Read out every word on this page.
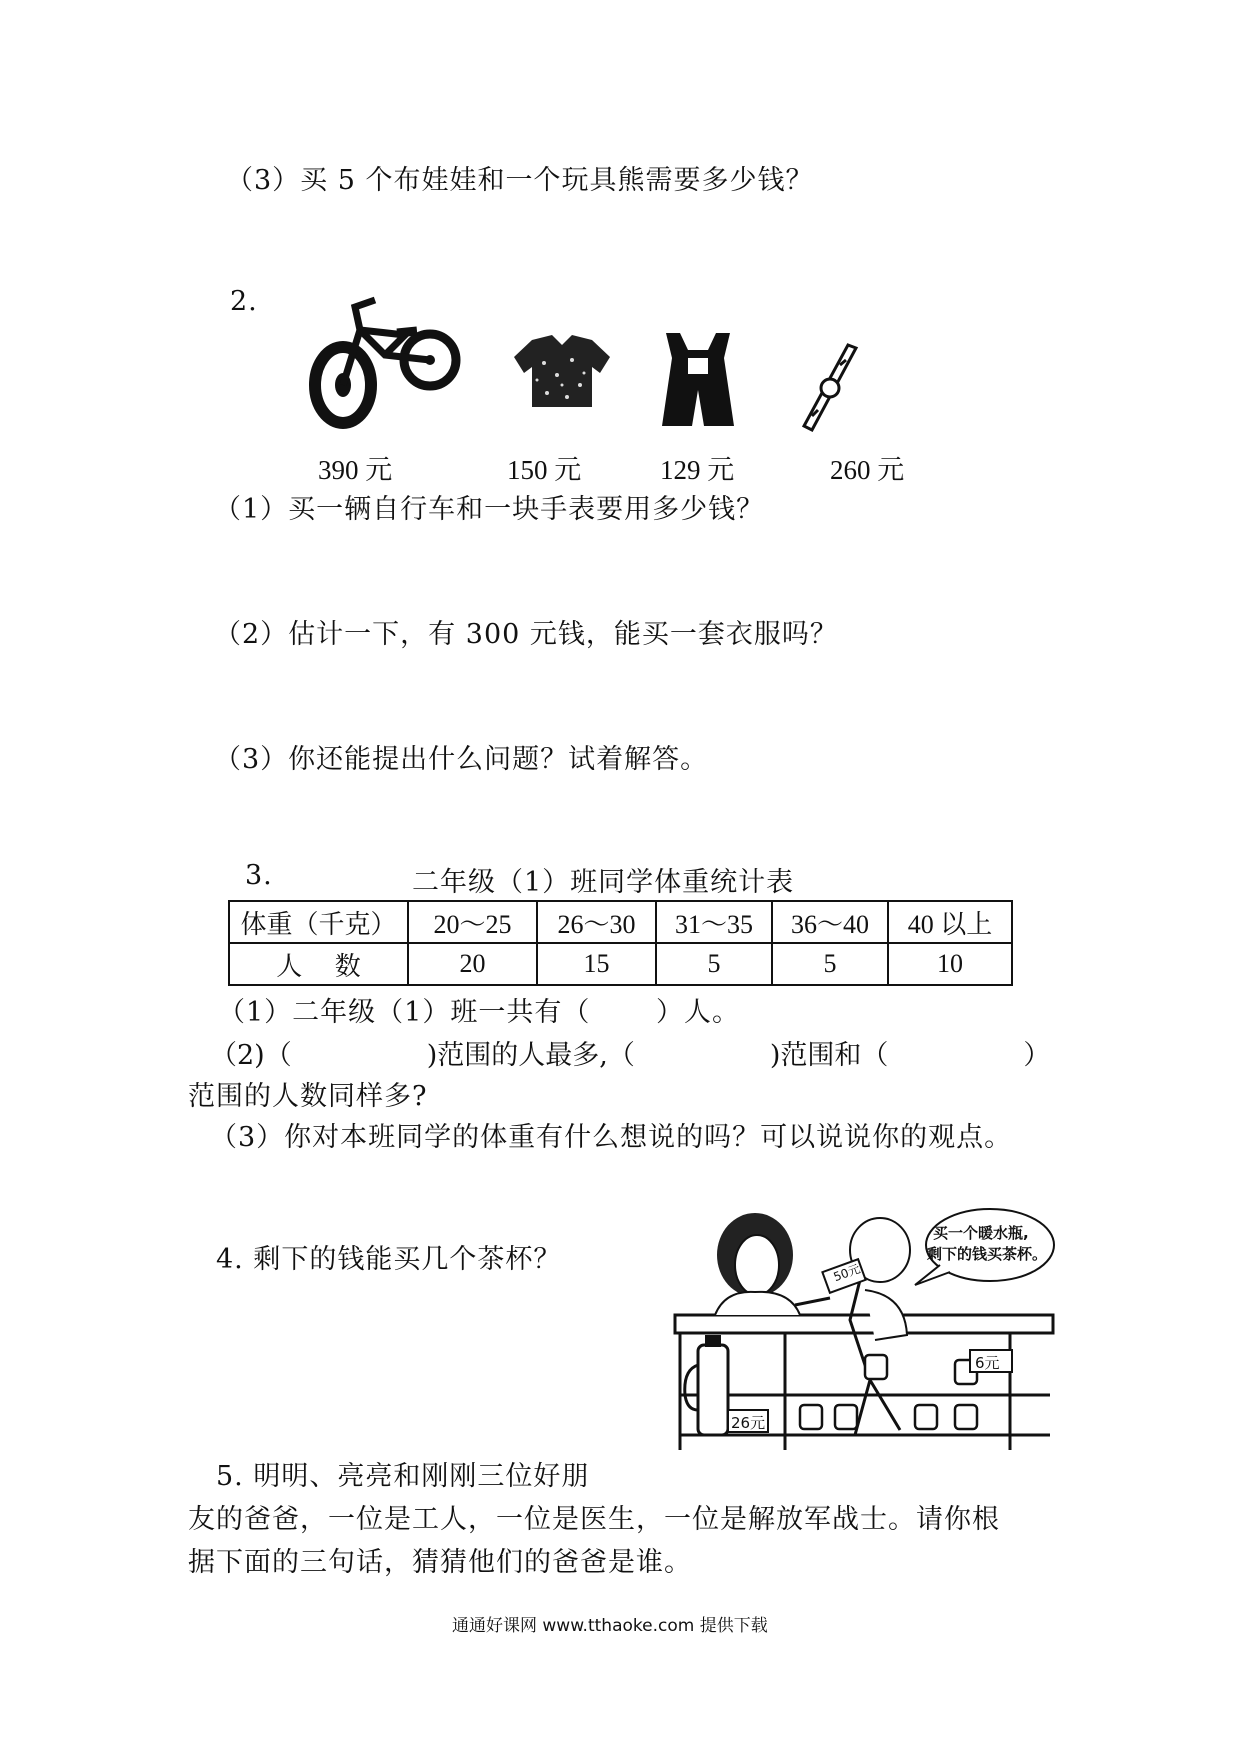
（3）买 5 个布娃娃和一个玩具熊需要多少钱？
2.
390 元	150 元	129 元	260 元
（1）买一辆自行车和一块手表要用多少钱？
（2）估计一下，有 300 元钱，能买一套衣服吗？
（3）你还能提出什么问题？试着解答。
3.	二年级（1）班同学体重统计表
体重（千克）	20～25	26～30	31～35	36～40	40 以上
人　 数	20	15	5	5	10
（1）二年级（1）班一共有（　　 ）人。
（2)（　　　　　)范围的人最多,（　　　　　)范围和（　　　　　）
范围的人数同样多?
（3）你对本班同学的体重有什么想说的吗？可以说说你的观点。
4. 剩下的钱能买几个茶杯？
买一个暖水瓶,
剩下的钱买茶杯。
50元
26元
6元
5. 明明、亮亮和刚刚三位好朋
友的爸爸，一位是工人，一位是医生，一位是解放军战士。请你根
据下面的三句话，猜猜他们的爸爸是谁。
通通好课网 www.tthaoke.com 提供下载
